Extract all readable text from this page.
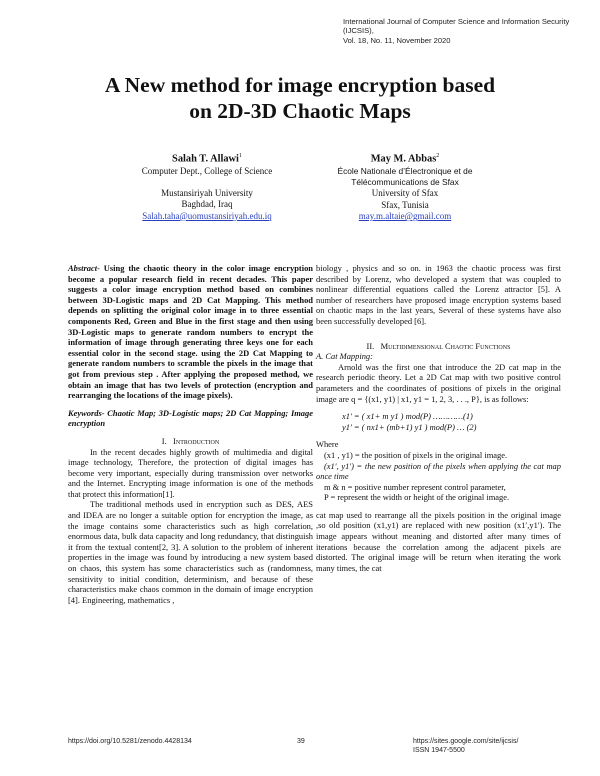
International Journal of Computer Science and Information Security (IJCSIS),
Vol. 18, No. 11, November 2020
A New method for image encryption based
on 2D-3D Chaotic Maps
Salah T. Allawi$^1$
Computer Dept., College of Science
Mustansiriyah University
Baghdad, Iraq
Salah.taha@uomustansiriyah.edu.iq
May M. Abbas$^2$
École Nationale d’Électronique et de
Télécommunications de Sfax
University of Sfax
Sfax, Tunisia
may.m.altaie@gmail.com

Abstract- Using the chaotic theory in the color image encryption become a popular research field in recent decades. This paper suggests a color image encryption method based on combines between 3D-Logistic maps and 2D Cat Mapping. This method depends on splitting the original color image in to three essential components Red, Green and Blue in the first stage and then using 3D-Logistic maps to generate random numbers to encrypt the information of image through generating three keys one for each essential color in the second stage. using the 2D Cat Mapping to generate random numbers to scramble the pixels in the image that got from previous step . After applying the proposed method, we obtain an image that has two levels of protection (encryption and rearranging the locations of the image pixels).

Keywords- Chaotic Map; 3D-Logistic maps; 2D Cat Mapping; Image encryption

I. Introduction

In the recent decades highly growth of multimedia and digital image technology, Therefore, the protection of digital images has become very important, especially during transmission over networks and the Internet. Encrypting image information is one of the methods that protect this information[1].

The traditional methods used in encryption such as DES, AES and IDEA are no longer a suitable option for encryption the image, as the image contains some characteristics such as high correlation, enormous data, bulk data capacity and long redundancy, that distinguish it from the textual content[2, 3]. A solution to the problem of inherent properties in the image was found by introducing a new system based on chaos, this system has some characteristics such as (randomness, sensitivity to initial condition, determinism, and because of these characteristics make chaos common in the domain of image encryption [4]. Engineering, mathematics ,

biology , physics and so on. in 1963 the chaotic process was first described by Lorenz, who developed a system that was coupled to nonlinear differential equations called the Lorenz attractor [5]. A number of researchers have proposed image encryption systems based on chaotic maps in the last years, Several of these systems have also been successfully developed [6].

II. Multidimensional Chaotic Functions

A. Cat Mapping:

Arnold was the first one that introduce the 2D cat map in the research periodic theory. Let a 2D Cat map with two positive control parameters and the coordinates of positions of pixels in the original image are q = {(x1, y1) | x1, y1 = 1, 2, 3, . . ., P}, is as follows:

x1′ = ( x1+ m y1 ) mod(P) …………(1)

y1′ = ( nx1+ (mb+1) y1 ) mod(P) … (2)

Where

(x1 , y1) = the position of pixels in the original image.

(x1′, y1′) = the new position of the pixels when applying the cat map once time

m & n = positive number represent control parameter,

P = represent the width or height of the original image.

cat map used to rearrange all the pixels position in the original image ,so old position (x1,y1) are replaced with new position (x1′,y1′). The image appears without meaning and distorted after many times of iterations because the correlation among the adjacent pixels are distorted. The original image will be return when iterating the work many times, the cat

https://doi.org/10.5281/zenodo.4428134	39	https://sites.google.com/site/ijcsis/
ISSN 1947-5500
